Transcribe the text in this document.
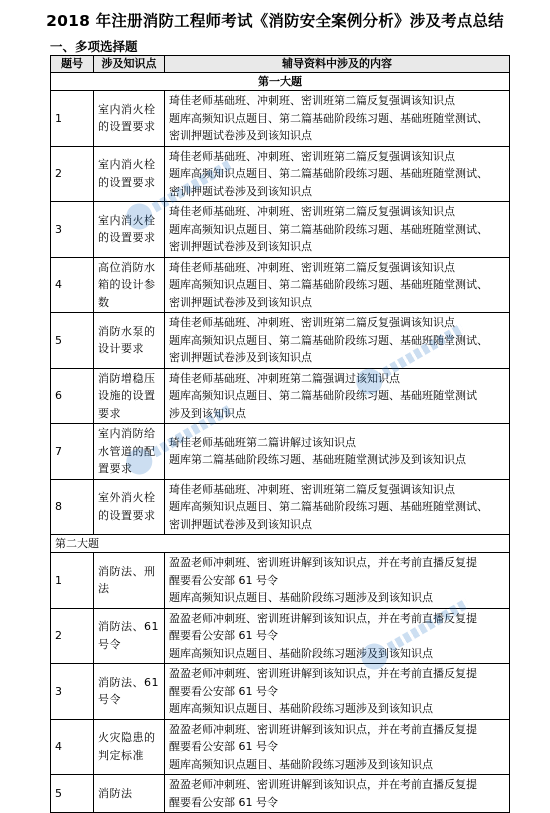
2018 年注册消防工程师考试《消防安全案例分析》涉及考点总结
一、多项选择题
题号	涉及知识点	辅导资料中涉及的内容
第一大题		
1	室内消火栓的设置要求	琦佳老师基础班、冲刺班、密训班第二篇反复强调该知识点
题库高频知识点题目、第二篇基础阶段练习题、基础班随堂测试、
密训押题试卷涉及到该知识点

2	室内消火栓的设置要求	琦佳老师基础班、冲刺班、密训班第二篇反复强调该知识点
题库高频知识点题目、第二篇基础阶段练习题、基础班随堂测试、
密训押题试卷涉及到该知识点

3	室内消火栓的设置要求	琦佳老师基础班、冲刺班、密训班第二篇反复强调该知识点
题库高频知识点题目、第二篇基础阶段练习题、基础班随堂测试、
密训押题试卷涉及到该知识点

4	高位消防水箱的设计参数	琦佳老师基础班、冲刺班、密训班第二篇反复强调该知识点
题库高频知识点题目、第二篇基础阶段练习题、基础班随堂测试、
密训押题试卷涉及到该知识点

5	消防水泵的设计要求	琦佳老师基础班、冲刺班、密训班第二篇反复强调该知识点
题库高频知识点题目、第二篇基础阶段练习题、基础班随堂测试、
密训押题试卷涉及到该知识点

6	消防增稳压设施的设置要求	琦佳老师基础班、冲刺班第二篇强调过该知识点
题库高频知识点题目、第二篇基础阶段练习题、基础班随堂测试
涉及到该知识点

7	室内消防给水管道的配置要求	琦佳老师基础班第二篇讲解过该知识点
题库第二篇基础阶段练习题、基础班随堂测试涉及到该知识点

8	室外消火栓的设置要求	琦佳老师基础班、冲刺班、密训班第二篇反复强调该知识点
题库高频知识点题目、第二篇基础阶段练习题、基础班随堂测试、
密训押题试卷涉及到该知识点

第二大题		
1	消防法、刑法	盈盈老师冲刺班、密训班讲解到该知识点，并在考前直播反复提
醒要看公安部 61 号令
题库高频知识点题目、基础阶段练习题涉及到该知识点

2	消防法、61号令	盈盈老师冲刺班、密训班讲解到该知识点，并在考前直播反复提
醒要看公安部 61 号令
题库高频知识点题目、基础阶段练习题涉及到该知识点

3	消防法、61号令	盈盈老师冲刺班、密训班讲解到该知识点，并在考前直播反复提
醒要看公安部 61 号令
题库高频知识点题目、基础阶段练习题涉及到该知识点

4	火灾隐患的判定标准	盈盈老师冲刺班、密训班讲解到该知识点，并在考前直播反复提
醒要看公安部 61 号令
题库高频知识点题目、基础阶段练习题涉及到该知识点

5	消防法	盈盈老师冲刺班、密训班讲解到该知识点，并在考前直播反复提
醒要看公安部 61 号令
